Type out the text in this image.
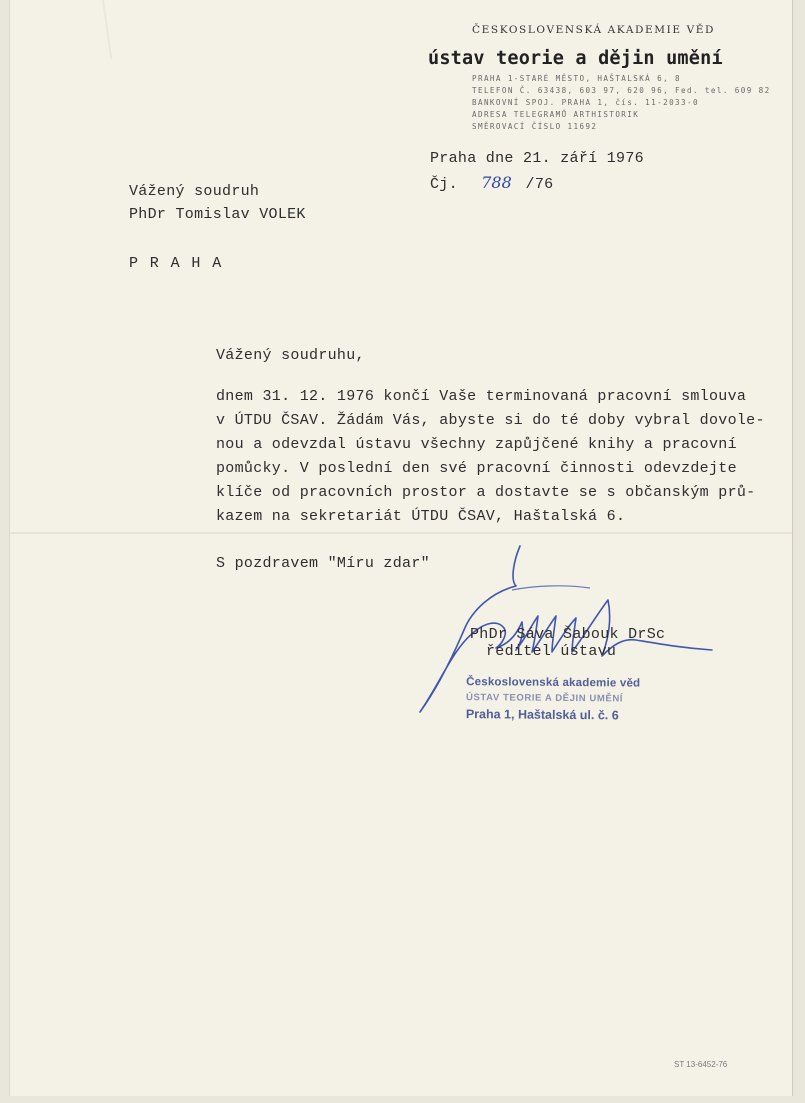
ČESKOSLOVENSKÁ AKADEMIE VĚD
ústav teorie a dějin umění
PRAHA 1-STARÉ MĚSTO, HAŠTALSKÁ 6, 8
TELEFON Č. 63438, 603 97, 620 96, Fed. tel. 609 82
BANKOVNÍ SPOJ. PRAHA 1, čís. 11-2033-0
ADRESA TELEGRAMŮ ARTHISTORIK
SMĚROVACÍ ČÍSLO 11692
Praha dne 21. září 1976
Čj. 788 /76
Vážený soudruh
PhDr Tomislav VOLEK
P R A H A
Vážený soudruhu,
dnem 31. 12. 1976 končí Vaše terminovaná pracovní smlouva
v ÚTDU ČSAV. Žádám Vás, abyste si do té doby vybral dovole-
nou a odevzdal ústavu všechny zapůjčené knihy a pracovní
pomůcky. V poslední den své pracovní činnosti odevzdejte
klíče od pracovních prostor a dostavte se s občanským prů-
kazem na sekretariát ÚTDU ČSAV, Haštalská 6.
S pozdravem "Míru zdar"
PhDr Sáva Šabouk DrSc
ředitel ústavu
Československá akademie věd
ÚSTAV TEORIE A DĚJIN UMĚNÍ
Praha 1, Haštalská ul. č. 6
ST 13-6452-76
